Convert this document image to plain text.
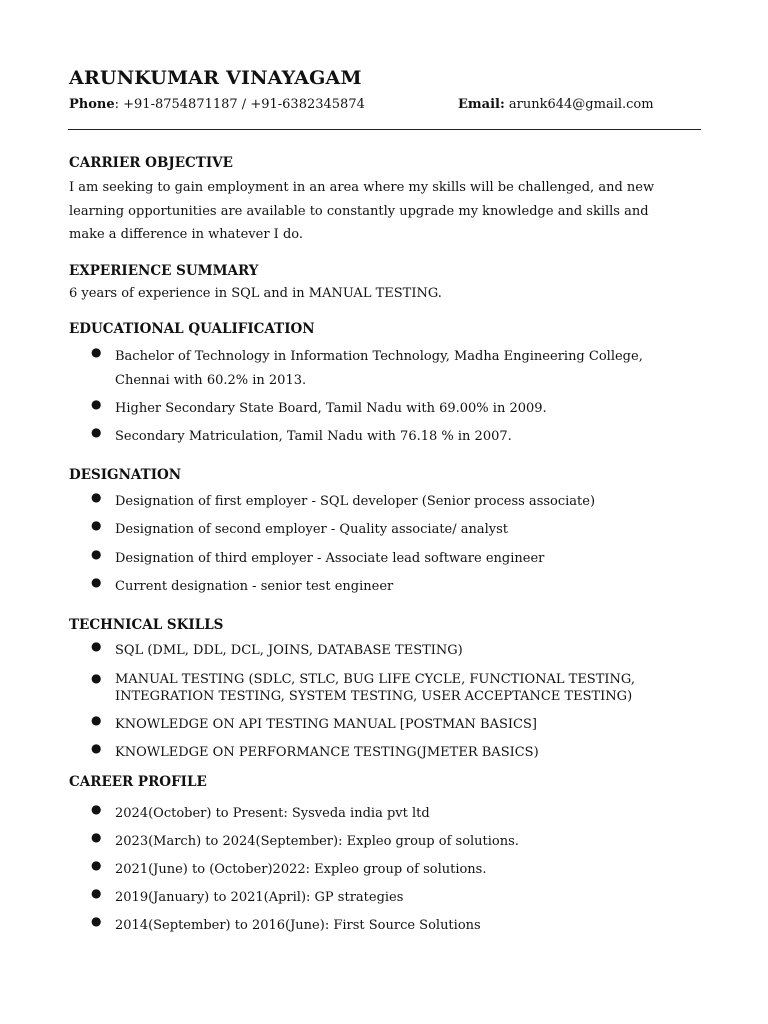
ARUNKUMAR VINAYAGAM
Phone: +91-8754871187 / +91-6382345874	Email: arunk644@gmail.com
CARRIER OBJECTIVE

I am seeking to gain employment in an area where my skills will be challenged, and new learning opportunities are available to constantly upgrade my knowledge and skills and make a difference in whatever I do.

EXPERIENCE SUMMARY

6 years of experience in SQL and in MANUAL TESTING.

EDUCATIONAL QUALIFICATION
● Bachelor of Technology in Information Technology, Madha Engineering College, Chennai with 60.2% in 2013.
● Higher Secondary State Board, Tamil Nadu with 69.00% in 2009.
● Secondary Matriculation, Tamil Nadu with 76.18 % in 2007.
DESIGNATION
● Designation of first employer - SQL developer (Senior process associate)
● Designation of second employer - Quality associate/ analyst
● Designation of third employer - Associate lead software engineer
● Current designation - senior test engineer
TECHNICAL SKILLS
● SQL (DML, DDL, DCL, JOINS, DATABASE TESTING)
● MANUAL TESTING (SDLC, STLC, BUG LIFE CYCLE, FUNCTIONAL TESTING, INTEGRATION TESTING, SYSTEM TESTING, USER ACCEPTANCE TESTING)
● KNOWLEDGE ON API TESTING MANUAL [POSTMAN BASICS]
● KNOWLEDGE ON PERFORMANCE TESTING(JMETER BASICS)
CAREER PROFILE
● 2024(October) to Present: Sysveda india pvt ltd
● 2023(March) to 2024(September): Expleo group of solutions.
● 2021(June) to (October)2022: Expleo group of solutions.
● 2019(January) to 2021(April): GP strategies
● 2014(September) to 2016(June): First Source Solutions
